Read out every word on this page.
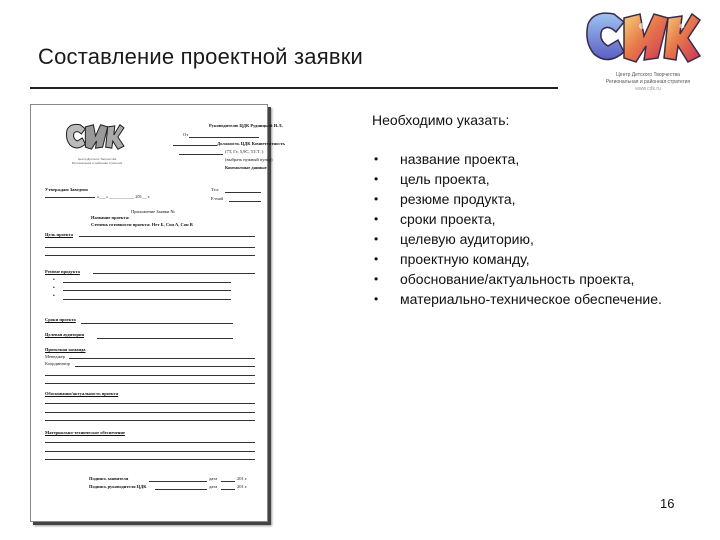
Составление проектной заявки	ЦДК
Центр Детского Творчества
Региональная и районная стратегия
www.cdk.ru
Необходимо указать:
• название проекта,
• цель проекта,
• резюме продукта,
• сроки проекта,
• целевую аудиторию,
• проектную команду,
• обоснование/актуальность проекта,
• материально-техническое обеспечение.
16
Центр Детского Творчества
Региональная и районная стратегия
Руководителю ЦДК Рудницкой И.Л.
От
Должность ЦДК Компетентность
(7Т, Гт, 5,9С, Т.Г.Т. )
(выбрать нужный пункт)
Контактные данные
Утверждаю Заведено
«___» ___________ 201__ г.
Тел:
E-mail
Приложение Заявки №
Название проекта:
Степень готовности проекта: Нет Б, Сон А, Сон В
Цель проекта
Резюме продукта
•
•
•
Сроки проекта
Целевая аудитория
Проектная команда
Менеджер
Координатор
Обоснование/актуальность проекта
Материально-техническое обеспечение
Подпись заявителя	дата	201 г.
Подпись руководителя ЦДК	дата	201 г.
